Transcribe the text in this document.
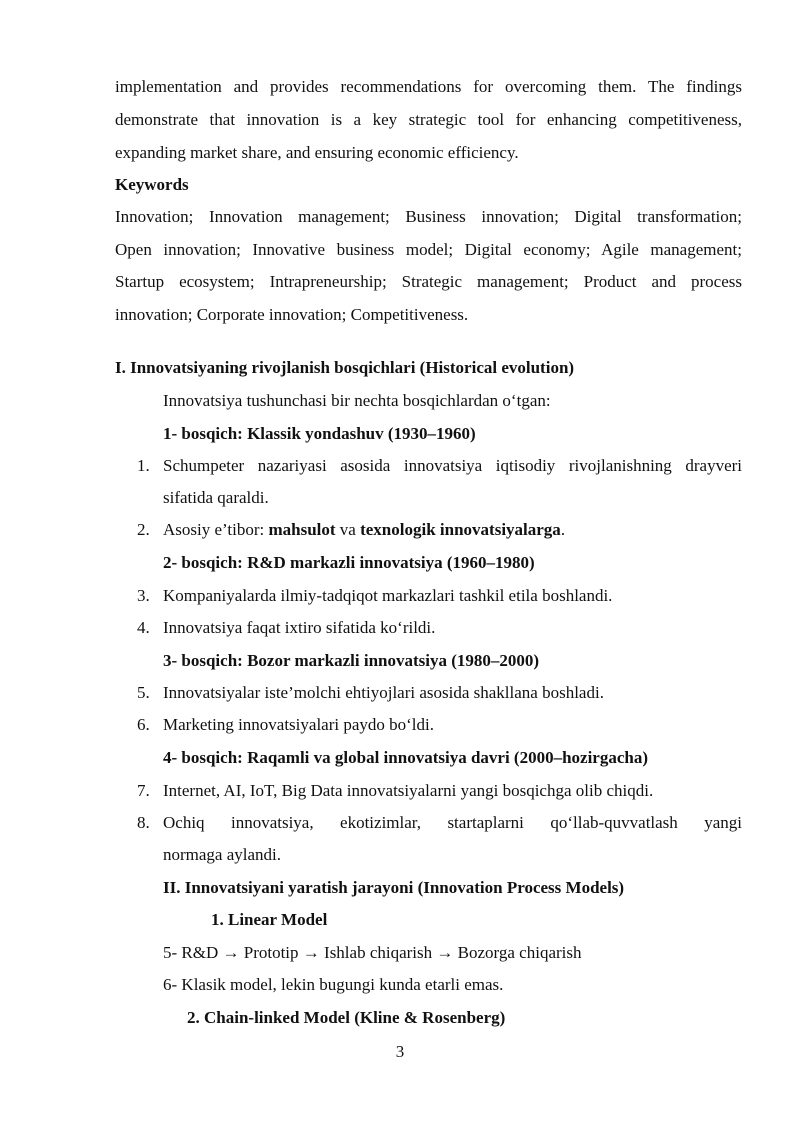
implementation and provides recommendations for overcoming them. The findings
demonstrate that innovation is a key strategic tool for enhancing competitiveness,
expanding market share, and ensuring economic efficiency.
Keywords
Innovation; Innovation management; Business innovation; Digital transformation;
Open innovation; Innovative business model; Digital economy; Agile management;
Startup ecosystem; Intrapreneurship; Strategic management; Product and process
innovation; Corporate innovation; Competitiveness.
I. Innovatsiyaning rivojlanish bosqichlari (Historical evolution)
Innovatsiya tushunchasi bir nechta bosqichlardan o‘tgan:
1- bosqich: Klassik yondashuv (1930–1960)
1. Schumpeter nazariyasi asosida innovatsiya iqtisodiy rivojlanishning drayveri
sifatida qaraldi.
2. Asosiy e’tibor: mahsulot va texnologik innovatsiyalarga.
2- bosqich: R&D markazli innovatsiya (1960–1980)
3. Kompaniyalarda ilmiy-tadqiqot markazlari tashkil etila boshlandi.
4. Innovatsiya faqat ixtiro sifatida ko‘rildi.
3- bosqich: Bozor markazli innovatsiya (1980–2000)
5. Innovatsiyalar iste’molchi ehtiyojlari asosida shakllana boshladi.
6. Marketing innovatsiyalari paydo bo‘ldi.
4- bosqich: Raqamli va global innovatsiya davri (2000–hozirgacha)
7. Internet, AI, IoT, Big Data innovatsiyalarni yangi bosqichga olib chiqdi.
8. Ochiq innovatsiya, ekotizimlar, startaplarni qo‘llab-quvvatlash yangi
normaga aylandi.
II. Innovatsiyani yaratish jarayoni (Innovation Process Models)
1. Linear Model
5- R&D → Prototip → Ishlab chiqarish → Bozorga chiqarish
6- Klasik model, lekin bugungi kunda etarli emas.
2. Chain-linked Model (Kline & Rosenberg)
3
